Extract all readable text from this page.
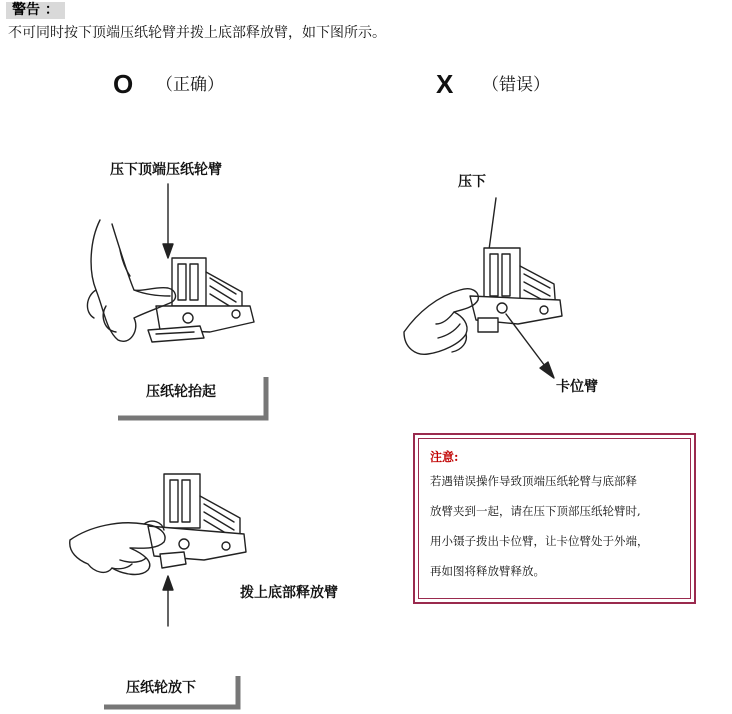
警告 ：
不可同时按下顶端压纸轮臂并拨上底部释放臂，如下图所示。
O （正确）	X （错误）
压下顶端压纸轮臂
压纸轮抬起
拨上底部释放臂
压纸轮放下
压下
卡位臂
注意:
若遇错误操作导致顶端压纸轮臂与底部释
放臂夹到一起，请在压下顶部压纸轮臂时,
用小镊子拨出卡位臂，让卡位臂处于外端，
再如图将释放臂释放。
